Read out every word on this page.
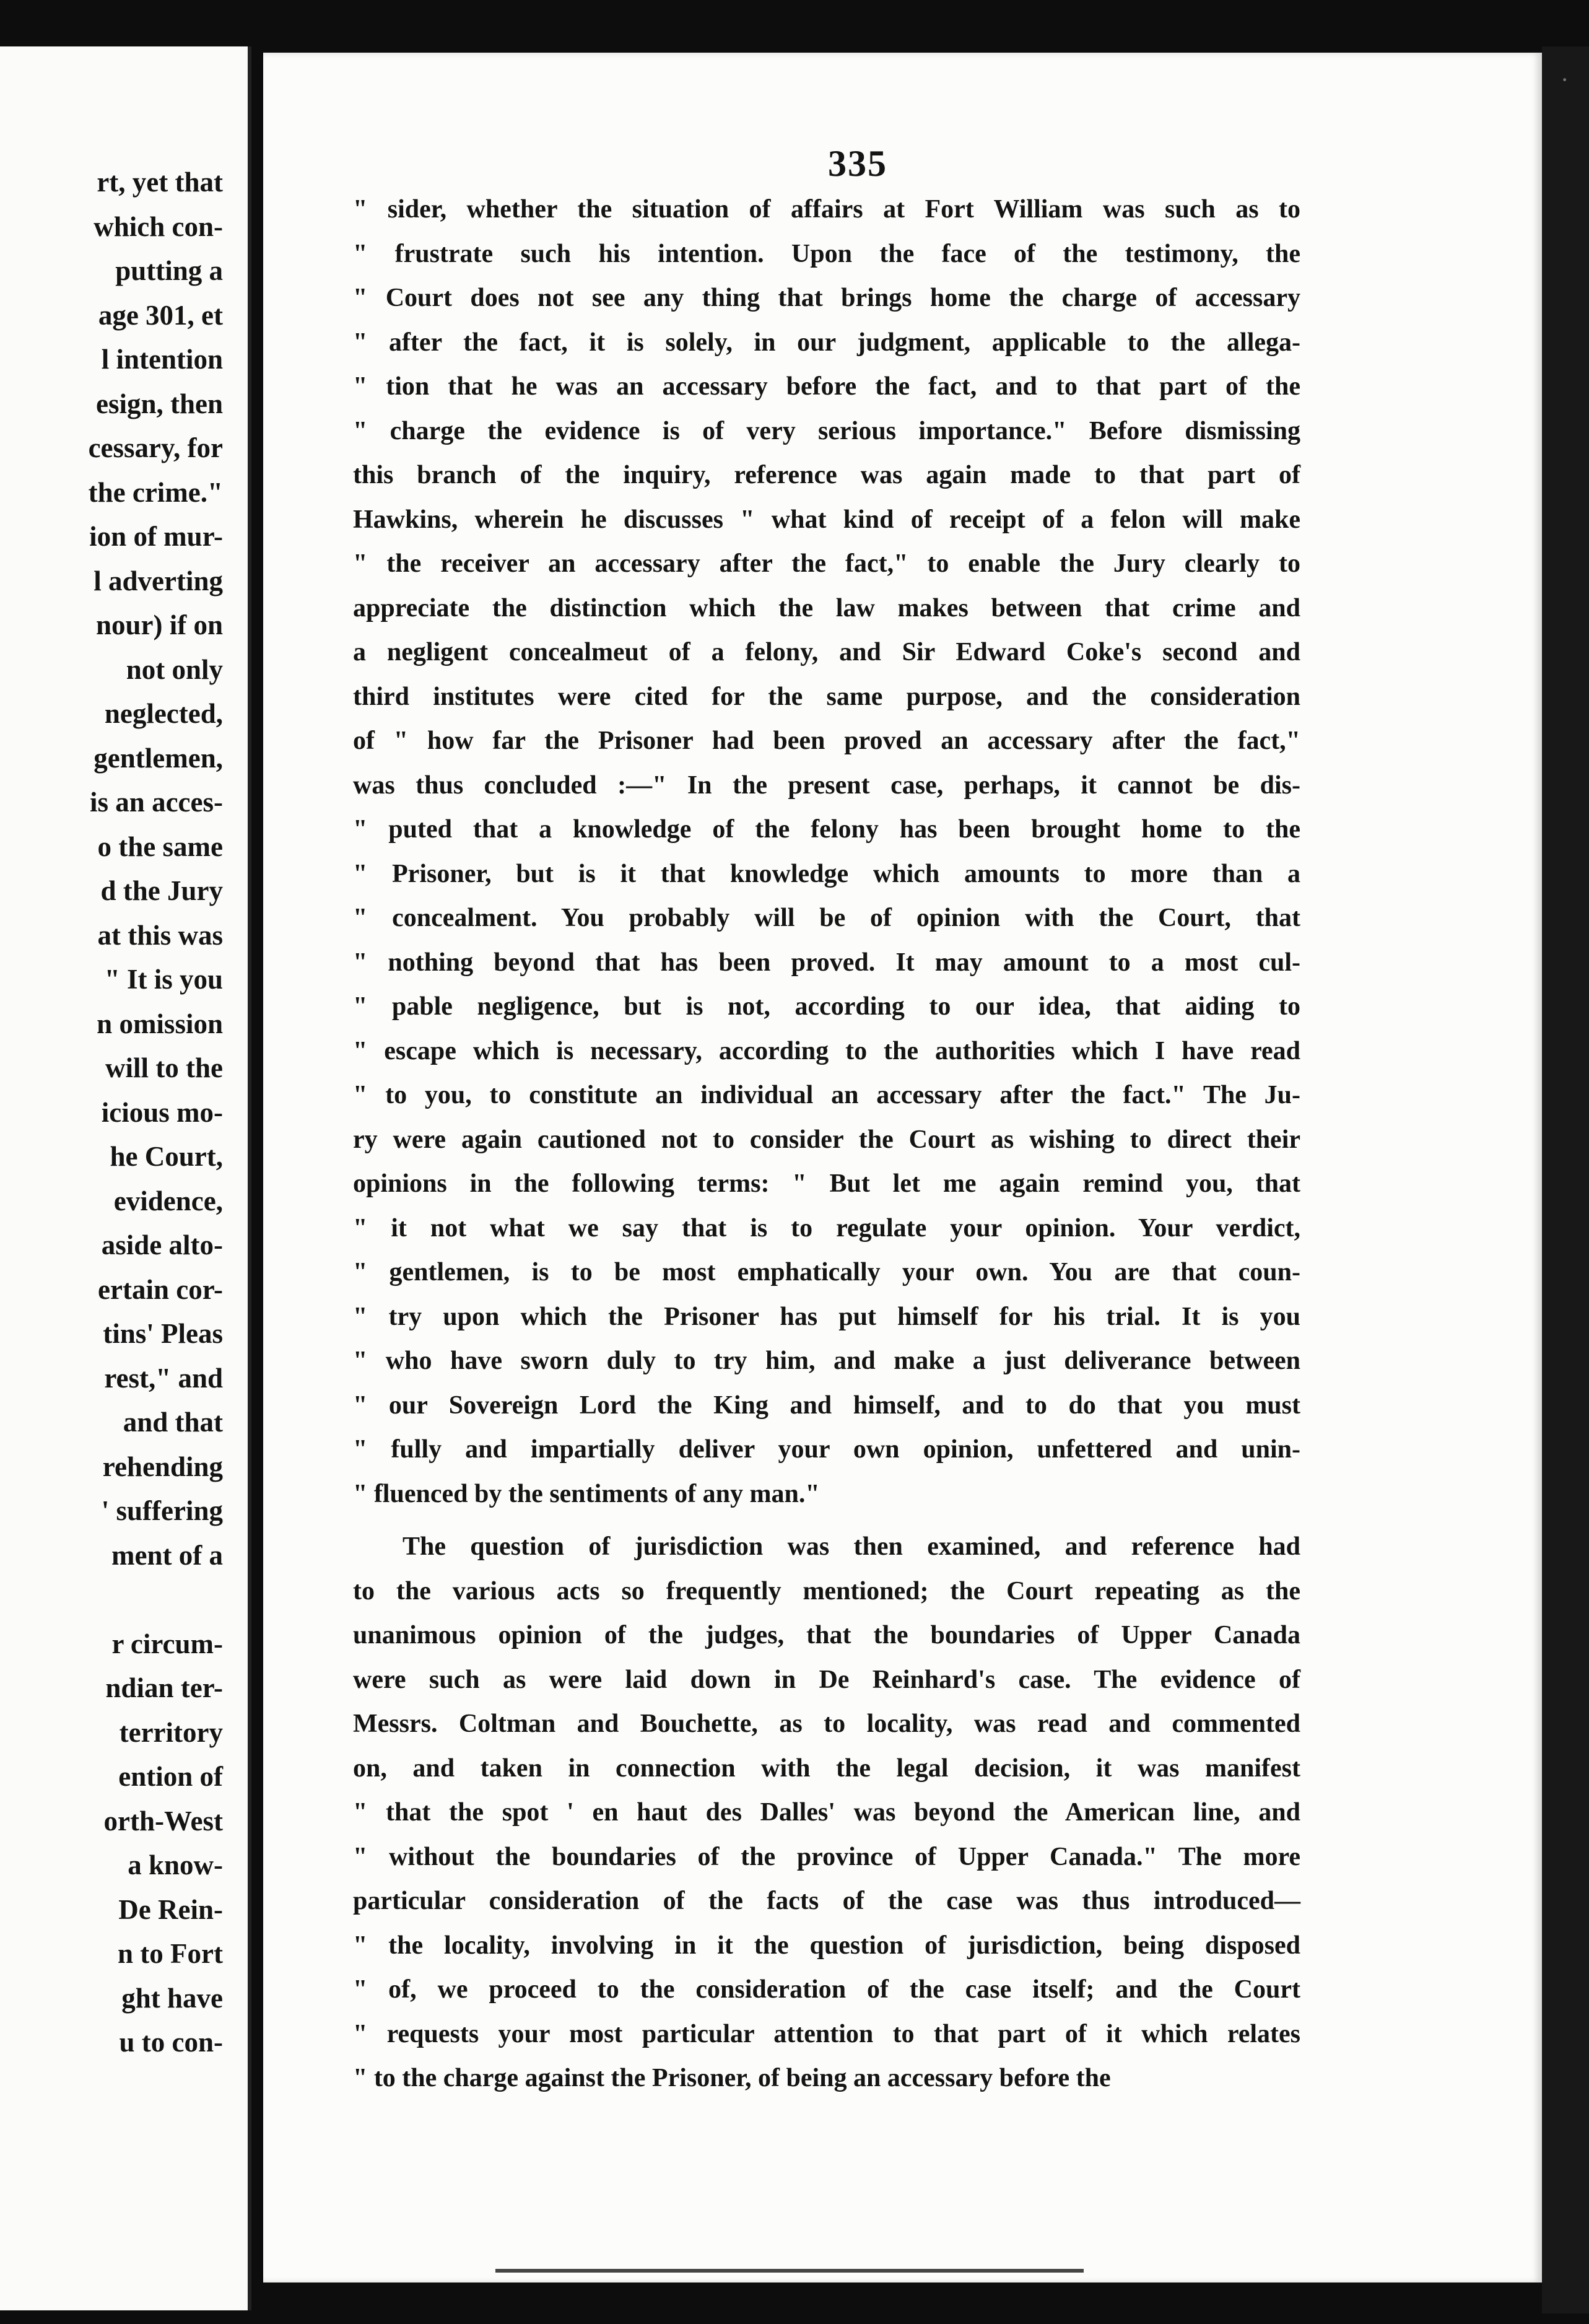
rt, yet that
which con-
putting a
age 301, et
l intention
esign, then
cessary, for
the crime."
ion of mur-
l adverting
nour) if on
not only
neglected,
gentlemen,
is an acces-
o the same
d the Jury
at this was
" It is you
n omission
will to the
icious mo-
he Court,
evidence,
aside alto-
ertain cor-
tins' Pleas
rest," and
and that
rehending
' suffering
ment of a
r circum-
ndian ter-
territory
ention of
orth-West
a know-
De Rein-
n to Fort
ght have
u to con-
335
" sider, whether the situation of affairs at Fort William was such as to
" frustrate such his intention. Upon the face of the testimony, the
" Court does not see any thing that brings home the charge of accessary
" after the fact, it is solely, in our judgment, applicable to the allega-
" tion that he was an accessary before the fact, and to that part of the
" charge the evidence is of very serious importance." Before dismissing
this branch of the inquiry, reference was again made to that part of
Hawkins, wherein he discusses " what kind of receipt of a felon will make
" the receiver an accessary after the fact," to enable the Jury clearly to
appreciate the distinction which the law makes between that crime and
a negligent concealmeut of a felony, and Sir Edward Coke's second and
third institutes were cited for the same purpose, and the consideration
of " how far the Prisoner had been proved an accessary after the fact,"
was thus concluded :—" In the present case, perhaps, it cannot be dis-
" puted that a knowledge of the felony has been brought home to the
" Prisoner, but is it that knowledge which amounts to more than a
" concealment. You probably will be of opinion with the Court, that
" nothing beyond that has been proved. It may amount to a most cul-
" pable negligence, but is not, according to our idea, that aiding to
" escape which is necessary, according to the authorities which I have read
" to you, to constitute an individual an accessary after the fact." The Ju-
ry were again cautioned not to consider the Court as wishing to direct their
opinions in the following terms: " But let me again remind you, that
" it not what we say that is to regulate your opinion. Your verdict,
" gentlemen, is to be most emphatically your own. You are that coun-
" try upon which the Prisoner has put himself for his trial. It is you
" who have sworn duly to try him, and make a just deliverance between
" our Sovereign Lord the King and himself, and to do that you must
" fully and impartially deliver your own opinion, unfettered and unin-
" fluenced by the sentiments of any man."
The question of jurisdiction was then examined, and reference had
to the various acts so frequently mentioned; the Court repeating as the
unanimous opinion of the judges, that the boundaries of Upper Canada
were such as were laid down in De Reinhard's case. The evidence of
Messrs. Coltman and Bouchette, as to locality, was read and commented
on, and taken in connection with the legal decision, it was manifest
" that the spot ' en haut des Dalles' was beyond the American line, and
" without the boundaries of the province of Upper Canada." The more
particular consideration of the facts of the case was thus introduced—
" the locality, involving in it the question of jurisdiction, being disposed
" of, we proceed to the consideration of the case itself; and the Court
" requests your most particular attention to that part of it which relates
" to the charge against the Prisoner, of being an accessary before the
·
